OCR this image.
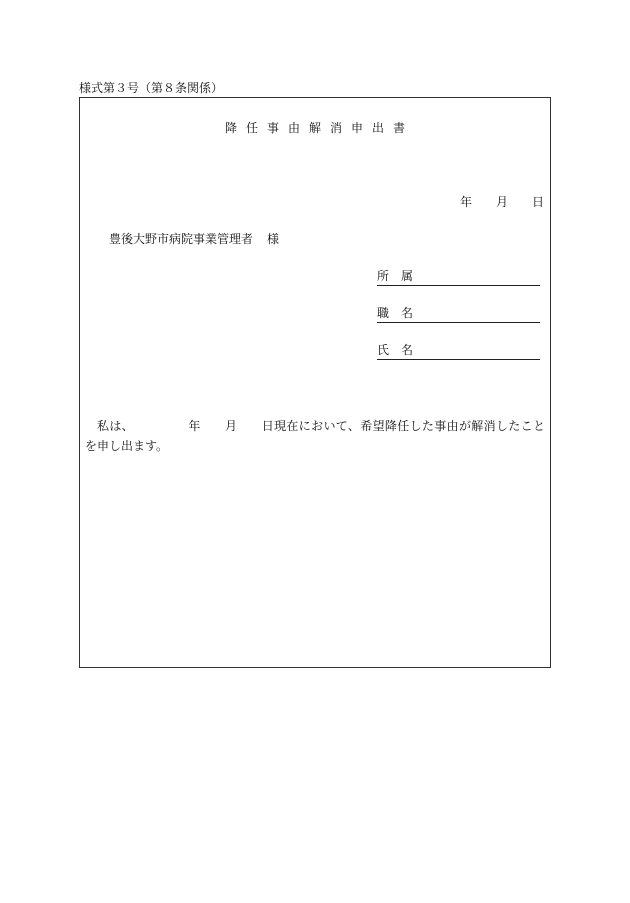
様式第３号（第８条関係）
降任事由解消申出書
年	月	日
豊後大野市病院事業管理者 様
所属
職名
氏名
私は、	年 月 日現在において、希望降任した事由が解消したことを申し出ます。
